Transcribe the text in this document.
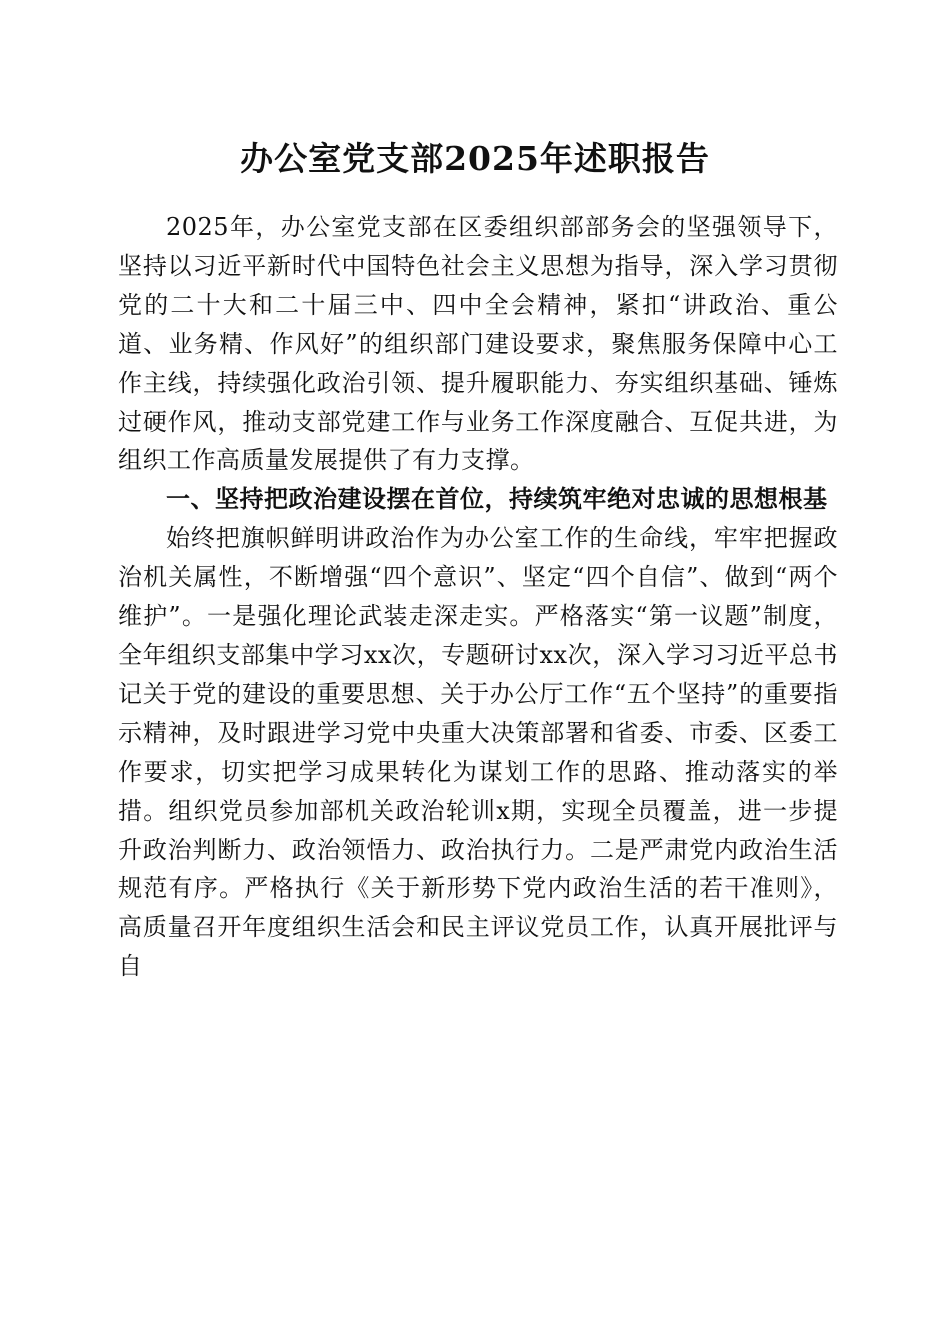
办公室党支部2025年述职报告

2025年，办公室党支部在区委组织部部务会的坚强领导下，坚持以习近平新时代中国特色社会主义思想为指导，深入学习贯彻党的二十大和二十届三中、四中全会精神，紧扣“讲政治、重公道、业务精、作风好”的组织部门建设要求，聚焦服务保障中心工作主线，持续强化政治引领、提升履职能力、夯实组织基础、锤炼过硬作风，推动支部党建工作与业务工作深度融合、互促共进，为组织工作高质量发展提供了有力支撑。

一、坚持把政治建设摆在首位，持续筑牢绝对忠诚的思想根基

始终把旗帜鲜明讲政治作为办公室工作的生命线，牢牢把握政治机关属性，不断增强“四个意识”、坚定“四个自信”、做到“两个维护”。一是强化理论武装走深走实。严格落实“第一议题”制度，全年组织支部集中学习xx次，专题研讨xx次，深入学习习近平总书记关于党的建设的重要思想、关于办公厅工作“五个坚持”的重要指示精神，及时跟进学习党中央重大决策部署和省委、市委、区委工作要求，切实把学习成果转化为谋划工作的思路、推动落实的举措。组织党员参加部机关政治轮训x期，实现全员覆盖，进一步提升政治判断力、政治领悟力、政治执行力。二是严肃党内政治生活规范有序。严格执行《关于新形势下党内政治生活的若干准则》，高质量召开年度组织生活会和民主评议党员工作，认真开展批评与自
